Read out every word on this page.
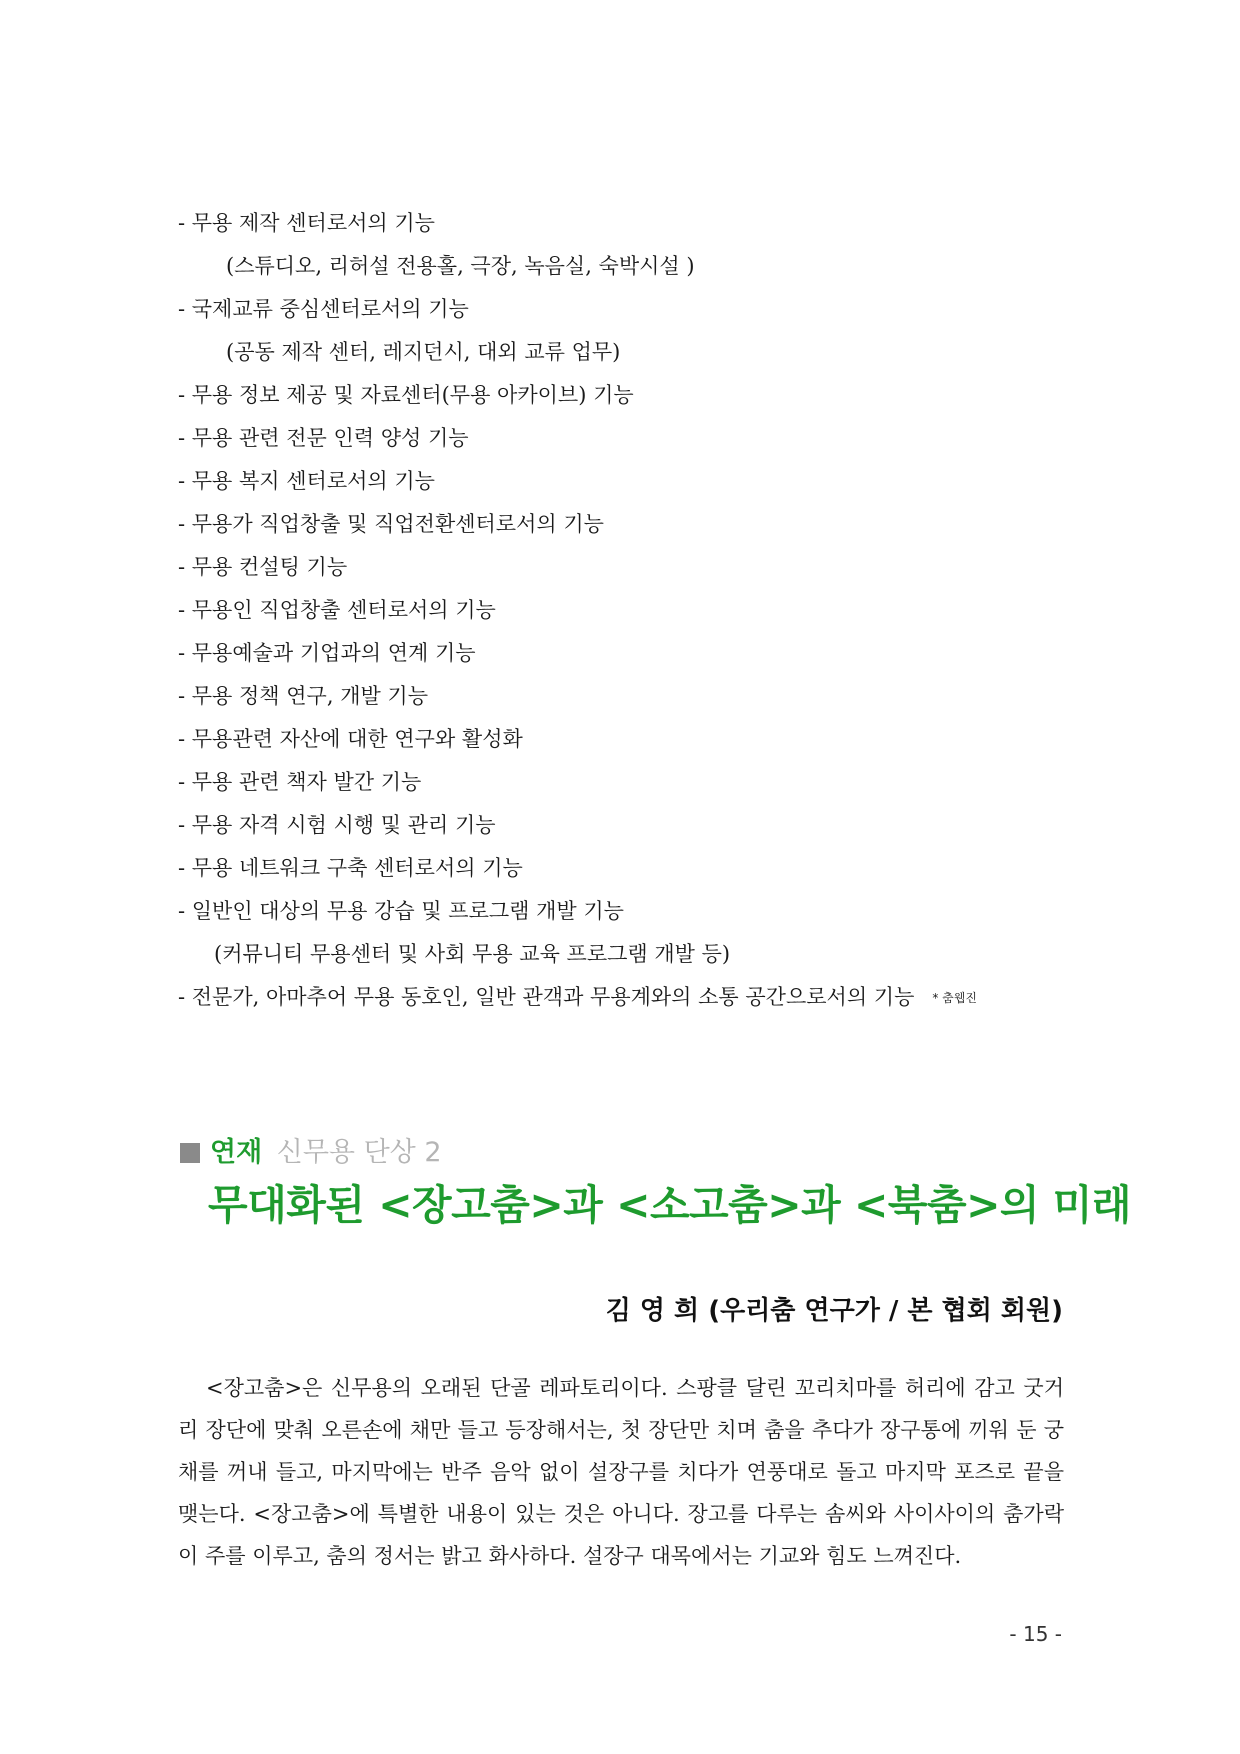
- 무용 제작 센터로서의 기능
(스튜디오, 리허설 전용홀, 극장, 녹음실, 숙박시설 )
- 국제교류 중심센터로서의 기능
(공동 제작 센터, 레지던시, 대외 교류 업무)
- 무용 정보 제공 및 자료센터(무용 아카이브) 기능
- 무용 관련 전문 인력 양성 기능
- 무용 복지 센터로서의 기능
- 무용가 직업창출 및 직업전환센터로서의 기능
- 무용 컨설팅 기능
- 무용인 직업창출 센터로서의 기능
- 무용예술과 기업과의 연계 기능
- 무용 정책 연구, 개발 기능
- 무용관련 자산에 대한 연구와 활성화
- 무용 관련 책자 발간 기능
- 무용 자격 시험 시행 및 관리 기능
- 무용 네트워크 구축 센터로서의 기능
- 일반인 대상의 무용 강습 및 프로그램 개발 기능
(커뮤니티 무용센터 및 사회 무용 교육 프로그램 개발 등)
- 전문가, 아마추어 무용 동호인, 일반 관객과 무용계와의 소통 공간으로서의 기능 * 춤웹진
연재 신무용 단상 2
무대화된 <장고춤>과 <소고춤>과 <북춤>의 미래
김 영 희 (우리춤 연구가 / 본 협회 회원)
<장고춤>은 신무용의 오래된 단골 레파토리이다. 스팡클 달린 꼬리치마를 허리에 감고 굿거리 장단에 맞춰 오른손에 채만 들고 등장해서는, 첫 장단만 치며 춤을 추다가 장구통에 끼워 둔 궁채를 꺼내 들고, 마지막에는 반주 음악 없이 설장구를 치다가 연풍대로 돌고 마지막 포즈로 끝을 맺는다. <장고춤>에 특별한 내용이 있는 것은 아니다. 장고를 다루는 솜씨와 사이사이의 춤가락이 주를 이루고, 춤의 정서는 밝고 화사하다. 설장구 대목에서는 기교와 힘도 느껴진다.
- 15 -
